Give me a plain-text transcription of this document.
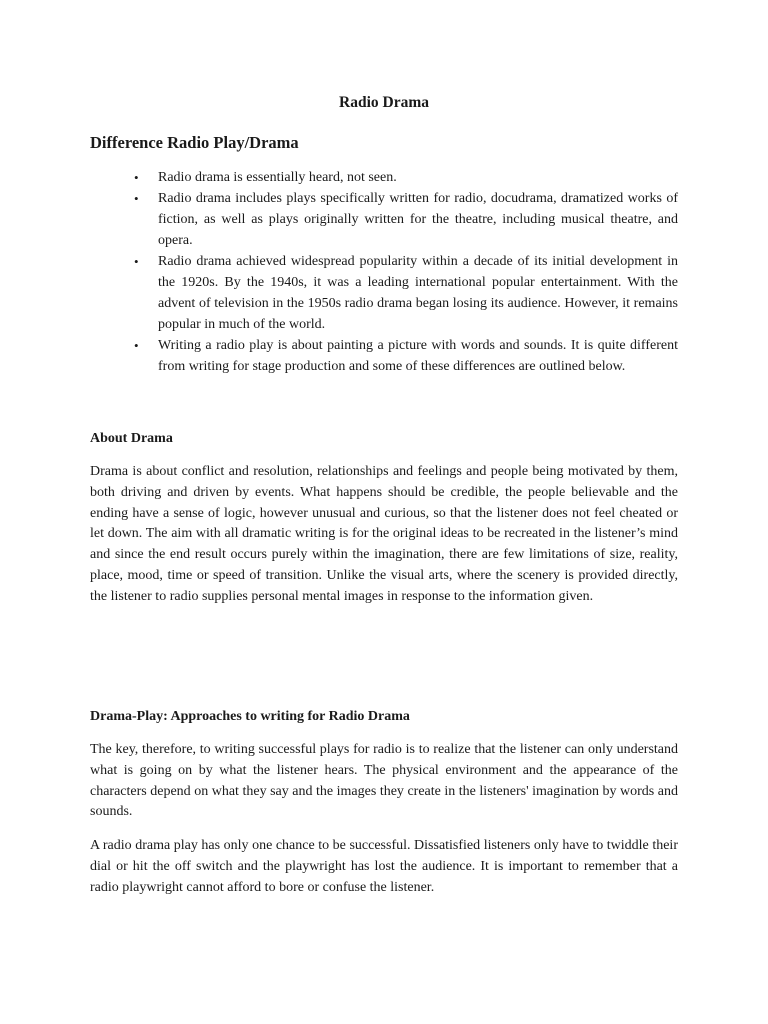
Radio Drama
Difference Radio Play/Drama
• Radio drama is essentially heard, not seen.
• Radio drama includes plays specifically written for radio, docudrama, dramatized works of fiction, as well as plays originally written for the theatre, including musical theatre, and opera.
• Radio drama achieved widespread popularity within a decade of its initial development in the 1920s. By the 1940s, it was a leading international popular entertainment. With the advent of television in the 1950s radio drama began losing its audience. However, it remains popular in much of the world.
• Writing a radio play is about painting a picture with words and sounds. It is quite different from writing for stage production and some of these differences are outlined below.
About Drama

Drama is about conflict and resolution, relationships and feelings and people being motivated by them, both driving and driven by events. What happens should be credible, the people believable and the ending have a sense of logic, however unusual and curious, so that the listener does not feel cheated or let down. The aim with all dramatic writing is for the original ideas to be recreated in the listener’s mind and since the end result occurs purely within the imagination, there are few limitations of size, reality, place, mood, time or speed of transition. Unlike the visual arts, where the scenery is provided directly, the listener to radio supplies personal mental images in response to the information given.

Drama-Play: Approaches to writing for Radio Drama

The key, therefore, to writing successful plays for radio is to realize that the listener can only understand what is going on by what the listener hears. The physical environment and the appearance of the characters depend on what they say and the images they create in the listeners' imagination by words and sounds.

A radio drama play has only one chance to be successful. Dissatisfied listeners only have to twiddle their dial or hit the off switch and the playwright has lost the audience. It is important to remember that a radio playwright cannot afford to bore or confuse the listener.
